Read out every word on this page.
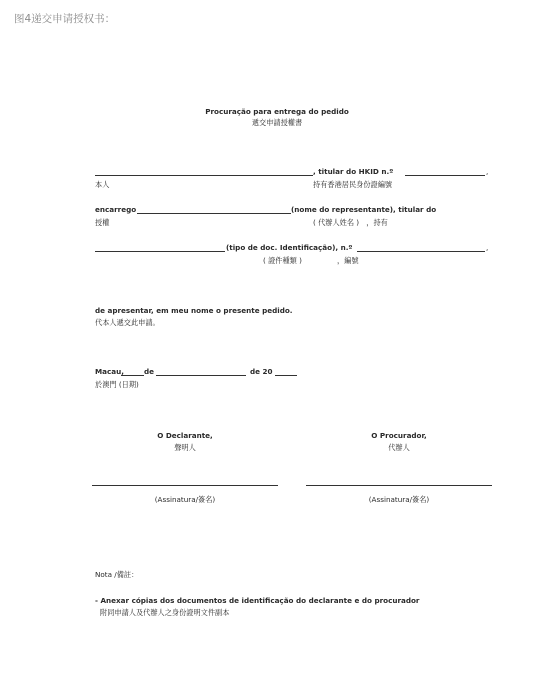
图4递交申请授权书：
Procuração para entrega do pedido
遞交申請授權書
, titular do HKID n.º	,
本人	持有香港居民身份證編號
encarrego	(nome do representante), titular do
授權	( 代辦人姓名 )　，持有
(tipo de doc. Identificação), n.º	,
( 證件種類 )	，編號
de apresentar, em meu nome o presente pedido.
代本人遞交此申請。
Macau,	de	de 20
於澳門 (日期)
O Declarante,
聲明人
O Procurador,
代辦人
(Assinatura/簽名)	(Assinatura/簽名)
Nota /備註：
- Anexar cópias dos documentos de identificação do declarante e do procurador
附同申請人及代辦人之身份證明文件副本
